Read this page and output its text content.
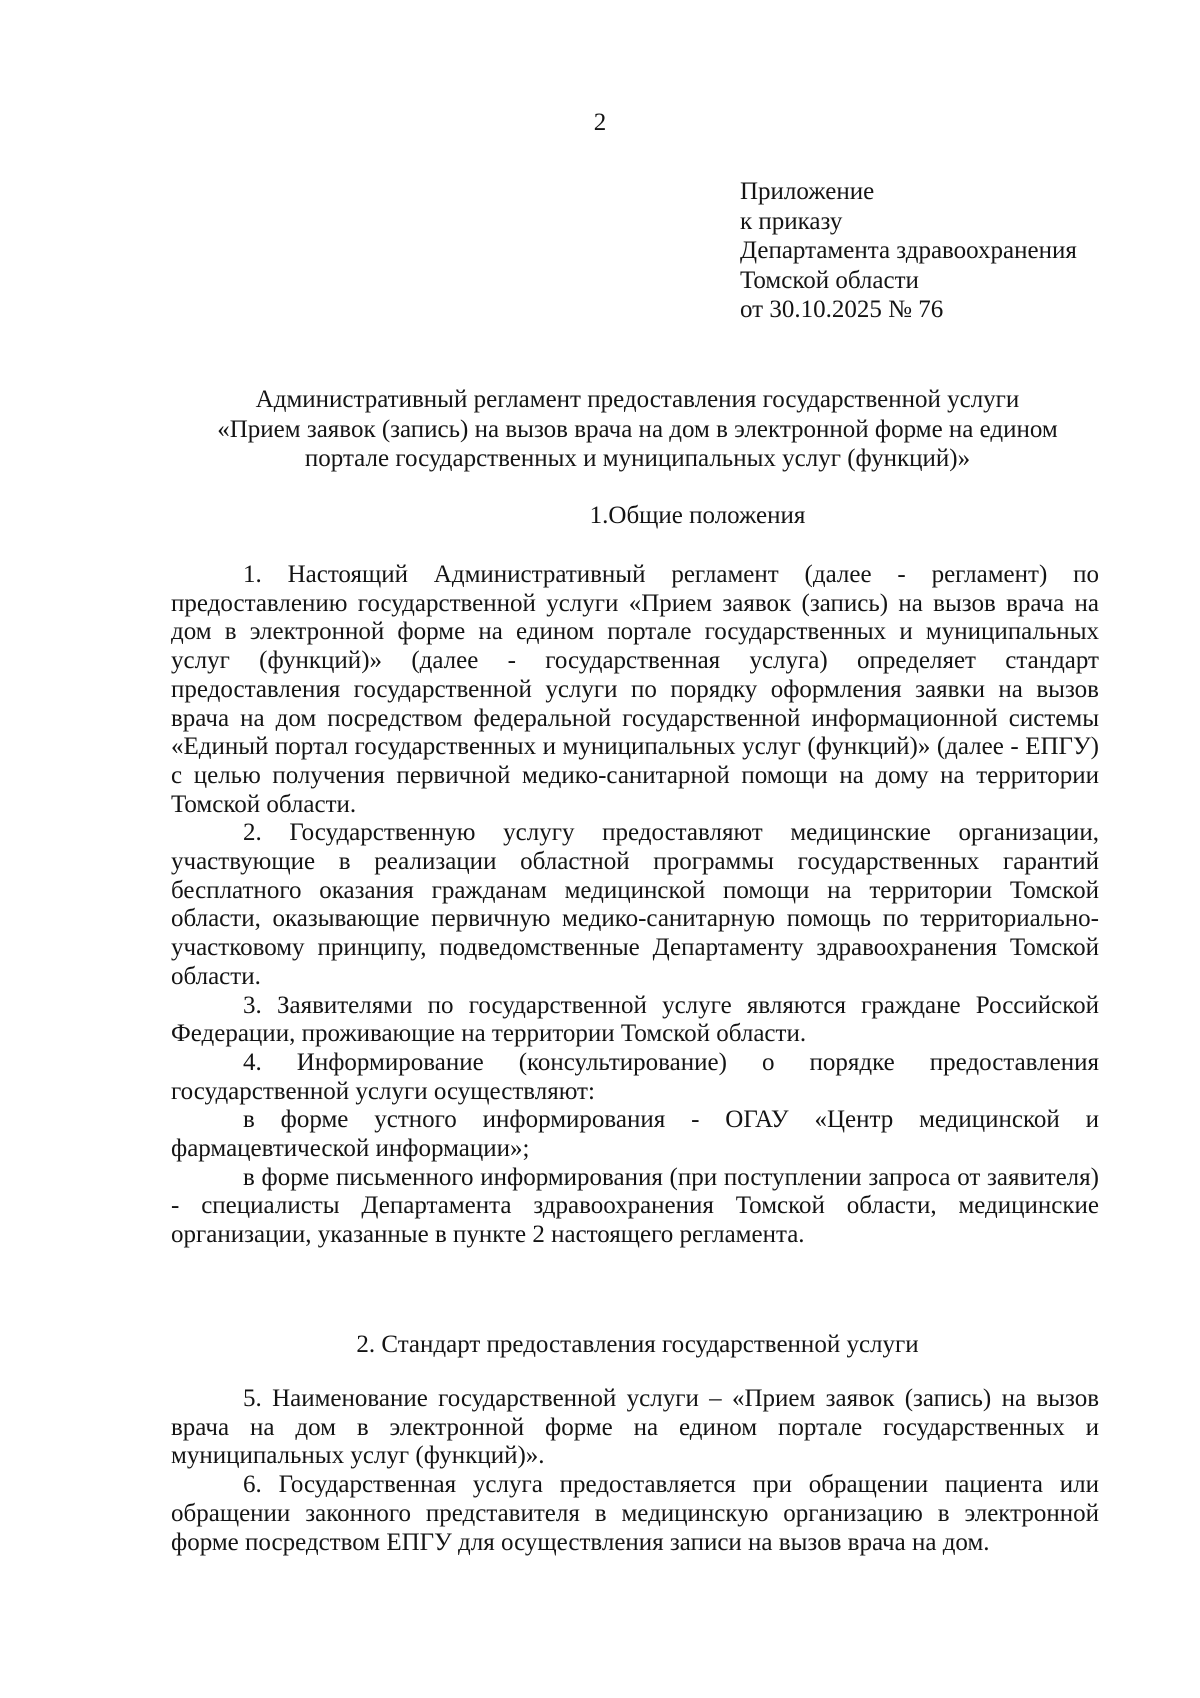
2
Приложение
к приказу
Департамента здравоохранения
Томской области
от 30.10.2025 № 76
Административный регламент предоставления государственной услуги
«Прием заявок (запись) на вызов врача на дом в электронной форме на едином
портале государственных и муниципальных услуг (функций)»
1.Общие положения

1. Настоящий Административный регламент (далее - регламент) по предоставлению государственной услуги «Прием заявок (запись) на вызов врача на дом в электронной форме на едином портале государственных и муниципальных услуг (функций)» (далее - государственная услуга) определяет стандарт предоставления государственной услуги по порядку оформления заявки на вызов врача на дом посредством федеральной государственной информационной системы «Единый портал государственных и муниципальных услуг (функций)» (далее - ЕПГУ) с целью получения первичной медико-санитарной помощи на дому на территории Томской области.

2. Государственную услугу предоставляют медицинские организации, участвующие в реализации областной программы государственных гарантий бесплатного оказания гражданам медицинской помощи на территории Томской области, оказывающие первичную медико-санитарную помощь по территориально-участковому принципу, подведомственные Департаменту здравоохранения Томской области.

3. Заявителями по государственной услуге являются граждане Российской Федерации, проживающие на территории Томской области.

4. Информирование (консультирование) о порядке предоставления государственной услуги осуществляют:

в форме устного информирования - ОГАУ «Центр медицинской и фармацевтической информации»;

в форме письменного информирования (при поступлении запроса от заявителя) - специалисты Департамента здравоохранения Томской области, медицинские организации, указанные в пункте 2 настоящего регламента.

2. Стандарт предоставления государственной услуги

5. Наименование государственной услуги – «Прием заявок (запись) на вызов врача на дом в электронной форме на едином портале государственных и муниципальных услуг (функций)».

6. Государственная услуга предоставляется при обращении пациента или обращении законного представителя в медицинскую организацию в электронной форме посредством ЕПГУ для осуществления записи на вызов врача на дом.
